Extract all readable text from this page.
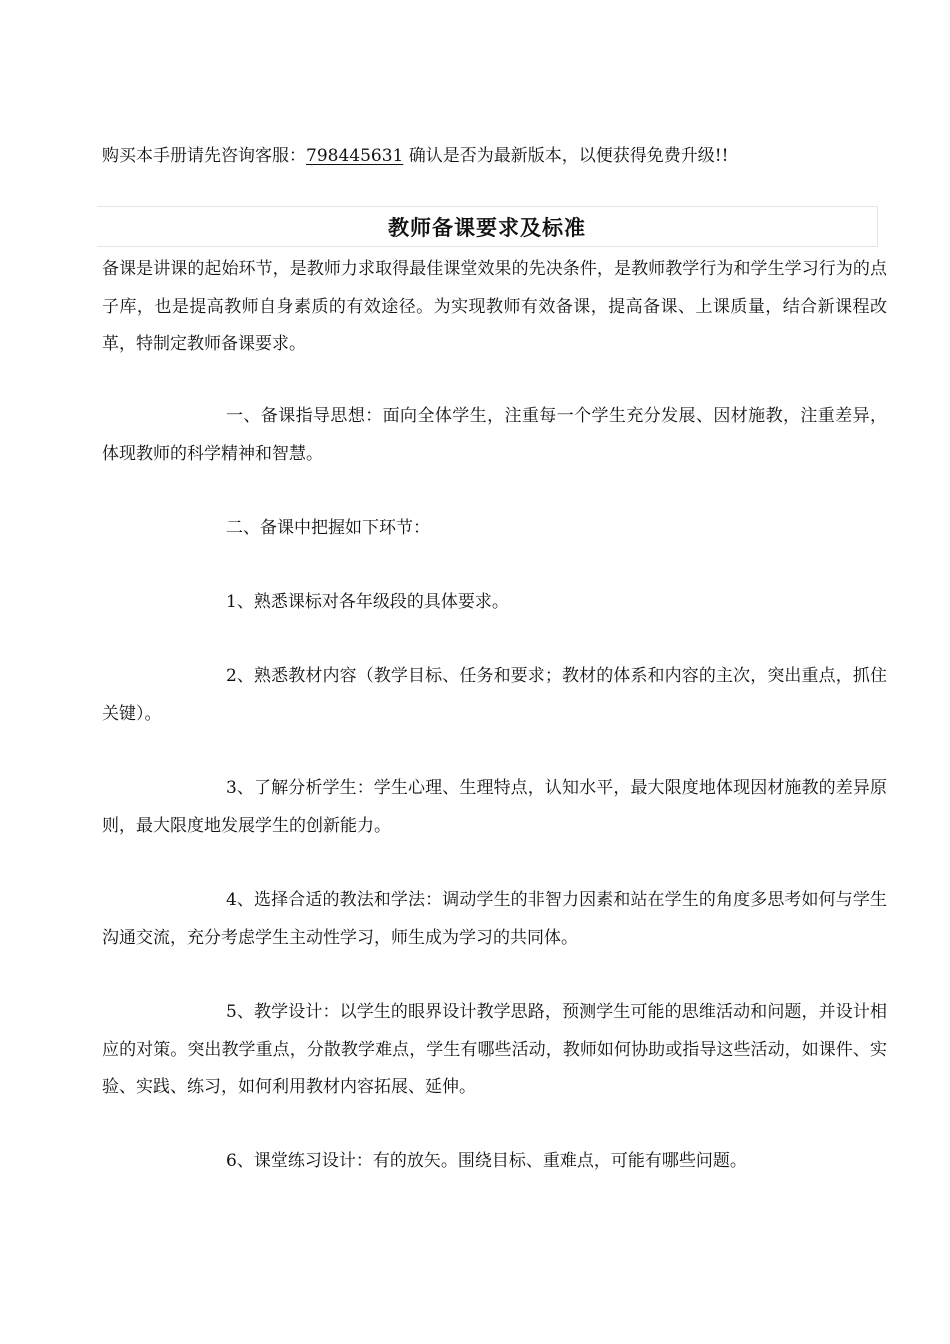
购买本手册请先咨询客服：798445631 确认是否为最新版本，以便获得免费升级!!
教师备课要求及标准

备课是讲课的起始环节，是教师力求取得最佳课堂效果的先决条件，是教师教学行为和学生学习行为的点子库，也是提高教师自身素质的有效途径。为实现教师有效备课，提高备课、上课质量，结合新课程改革，特制定教师备课要求。

一、备课指导思想：面向全体学生，注重每一个学生充分发展、因材施教，注重差异，体现教师的科学精神和智慧。

二、备课中把握如下环节：

1、熟悉课标对各年级段的具体要求。

2、熟悉教材内容（教学目标、任务和要求；教材的体系和内容的主次，突出重点，抓住关键）。

3、了解分析学生：学生心理、生理特点，认知水平，最大限度地体现因材施教的差异原则，最大限度地发展学生的创新能力。

4、选择合适的教法和学法：调动学生的非智力因素和站在学生的角度多思考如何与学生沟通交流，充分考虑学生主动性学习，师生成为学习的共同体。

5、教学设计：以学生的眼界设计教学思路，预测学生可能的思维活动和问题，并设计相应的对策。突出教学重点，分散教学难点，学生有哪些活动，教师如何协助或指导这些活动，如课件、实验、实践、练习，如何利用教材内容拓展、延伸。

6、课堂练习设计：有的放矢。围绕目标、重难点，可能有哪些问题。
